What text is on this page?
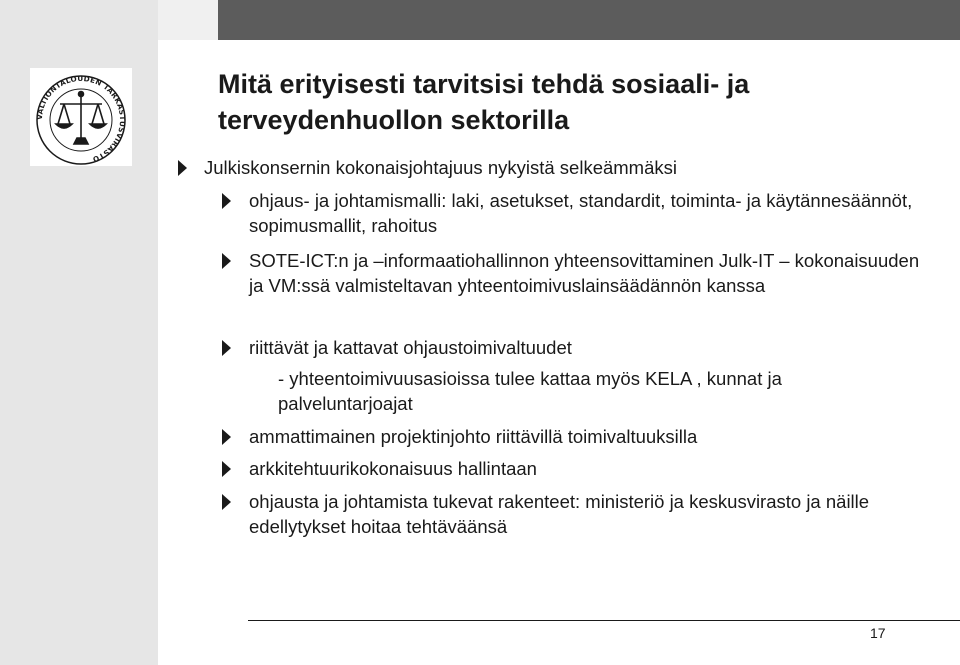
VALTIONTALOUDEN TARKASTUSVIRASTO
Mitä erityisesti tarvitsisi tehdä sosiaali- ja
terveydenhuollon sektorilla
Julkiskonsernin kokonaisjohtajuus nykyistä selkeämmäksi
ohjaus- ja johtamismalli: laki, asetukset, standardit, toiminta- ja käytännesäännöt, sopimusmallit, rahoitus
SOTE-ICT:n ja –informaatiohallinnon yhteensovittaminen Julk-IT – kokonaisuuden ja VM:ssä valmisteltavan yhteentoimivuslainsäädännön kanssa
riittävät ja kattavat ohjaustoimivaltuudet
- yhteentoimivuusasioissa tulee kattaa myös KELA , kunnat ja palveluntarjoajat
ammattimainen projektinjohto riittävillä toimivaltuuksilla
arkkitehtuurikokonaisuus hallintaan
ohjausta ja johtamista tukevat rakenteet: ministeriö ja keskusvirasto ja näille edellytykset hoitaa tehtäväänsä
17
